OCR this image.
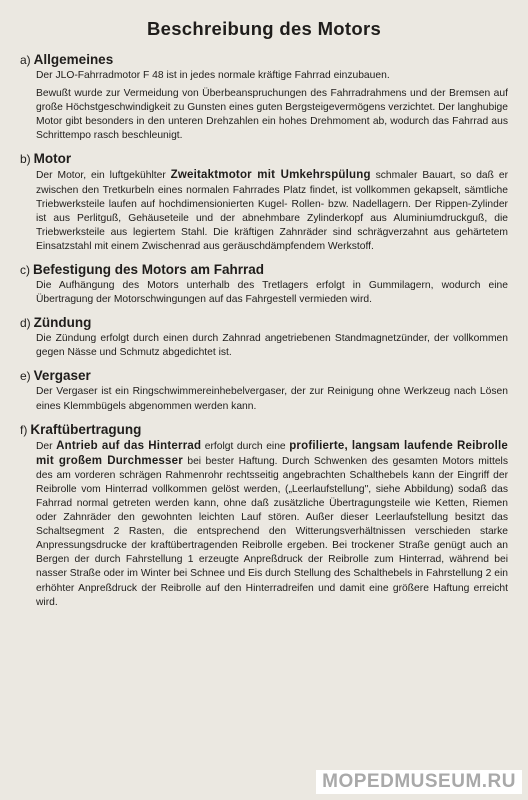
Beschreibung des Motors
a) Allgemeines
Der JLO-Fahrradmotor F 48 ist in jedes normale kräftige Fahrrad einzubauen.
Bewußt wurde zur Vermeidung von Überbeanspruchungen des Fahrradrahmens und der Bremsen auf große Höchstgeschwindigkeit zu Gunsten eines guten Bergsteigevermögens verzichtet. Der langhubige Motor gibt besonders in den unteren Drehzahlen ein hohes Drehmoment ab, wodurch das Fahrrad aus Schrittempo rasch beschleunigt.
b) Motor
Der Motor, ein luftgekühlter Zweitaktmotor mit Umkehrspülung schmaler Bauart, so daß er zwischen den Tretkurbeln eines normalen Fahrrades Platz findet, ist vollkommen gekapselt, sämtliche Triebwerksteile laufen auf hochdimensionierten Kugel- Rollen- bzw. Nadellagern. Der Rippen-Zylinder ist aus Perlitguß, Gehäuseteile und der abnehmbare Zylinderkopf aus Aluminiumdruckguß, die Triebwerksteile aus legiertem Stahl. Die kräftigen Zahnräder sind schrägverzahnt aus gehärtetem Einsatzstahl mit einem Zwischenrad aus geräuschdämpfendem Werkstoff.
c) Befestigung des Motors am Fahrrad
Die Aufhängung des Motors unterhalb des Tretlagers erfolgt in Gummilagern, wodurch eine Übertragung der Motorschwingungen auf das Fahrgestell vermieden wird.
d) Zündung
Die Zündung erfolgt durch einen durch Zahnrad angetriebenen Standmagnetzünder, der vollkommen gegen Nässe und Schmutz abgedichtet ist.
e) Vergaser
Der Vergaser ist ein Ringschwimmereinhebelvergaser, der zur Reinigung ohne Werkzeug nach Lösen eines Klemmbügels abgenommen werden kann.
f) Kraftübertragung
Der Antrieb auf das Hinterrad erfolgt durch eine profilierte, langsam laufende Reibrolle mit großem Durchmesser bei bester Haftung. Durch Schwenken des gesamten Motors mittels des am vorderen schrägen Rahmenrohr rechtsseitig angebrachten Schalthebels kann der Eingriff der Reibrolle vom Hinterrad vollkommen gelöst werden, („Leerlaufstellung", siehe Abbildung) sodaß das Fahrrad normal getreten werden kann, ohne daß zusätzliche Übertragungsteile wie Ketten, Riemen oder Zahnräder den gewohnten leichten Lauf stören. Außer dieser Leerlaufstellung besitzt das Schaltsegment 2 Rasten, die entsprechend den Witterungsverhältnissen verschieden starke Anpressungsdrucke der kraftübertragenden Reibrolle ergeben. Bei trockener Straße genügt auch an Bergen der durch Fahrstellung 1 erzeugte Anpreßdruck der Reibrolle zum Hinterrad, während bei nasser Straße oder im Winter bei Schnee und Eis durch Stellung des Schalthebels in Fahrstellung 2 ein erhöhter Anpreßdruck der Reibrolle auf den Hinterradreifen und damit eine größere Haftung erreicht wird.
MOPEDMUSEUM.RU
